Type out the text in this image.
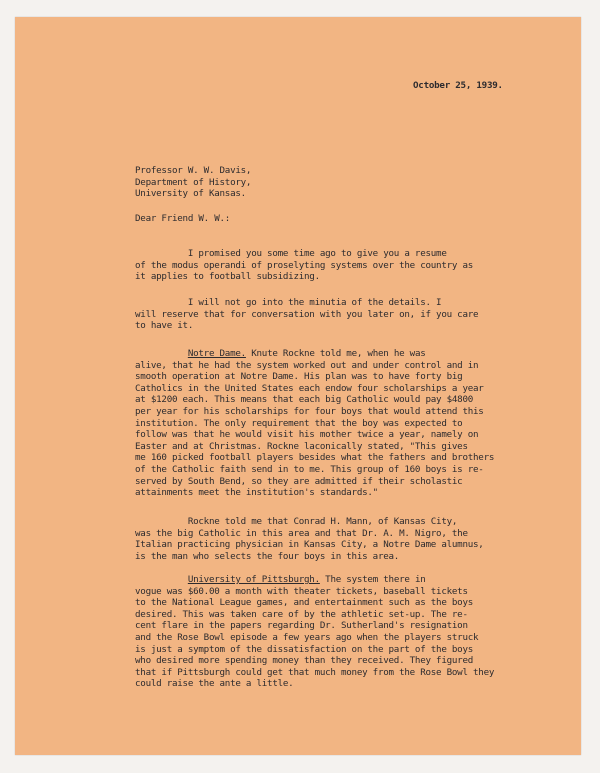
October 25, 1939.
Professor W. W. Davis,
Department of History,
University of Kansas.
Dear Friend W. W.:
I promised you some time ago to give you a resume
of the modus operandi of proselyting systems over the country as
it applies to football subsidizing.
I will not go into the minutia of the details. I
will reserve that for conversation with you later on, if you care
to have it.
Notre Dame. Knute Rockne told me, when he was
alive, that he had the system worked out and under control and in
smooth operation at Notre Dame. His plan was to have forty big
Catholics in the United States each endow four scholarships a year
at $1200 each. This means that each big Catholic would pay $4800
per year for his scholarships for four boys that would attend this
institution. The only requirement that the boy was expected to
follow was that he would visit his mother twice a year, namely on
Easter and at Christmas. Rockne laconically stated, "This gives
me 160 picked football players besides what the fathers and brothers
of the Catholic faith send in to me. This group of 160 boys is re-
served by South Bend, so they are admitted if their scholastic
attainments meet the institution's standards."
Rockne told me that Conrad H. Mann, of Kansas City,
was the big Catholic in this area and that Dr. A. M. Nigro, the
Italian practicing physician in Kansas City, a Notre Dame alumnus,
is the man who selects the four boys in this area.
University of Pittsburgh. The system there in
vogue was $60.00 a month with theater tickets, baseball tickets
to the National League games, and entertainment such as the boys
desired. This was taken care of by the athletic set-up. The re-
cent flare in the papers regarding Dr. Sutherland's resignation
and the Rose Bowl episode a few years ago when the players struck
is just a symptom of the dissatisfaction on the part of the boys
who desired more spending money than they received. They figured
that if Pittsburgh could get that much money from the Rose Bowl they
could raise the ante a little.
